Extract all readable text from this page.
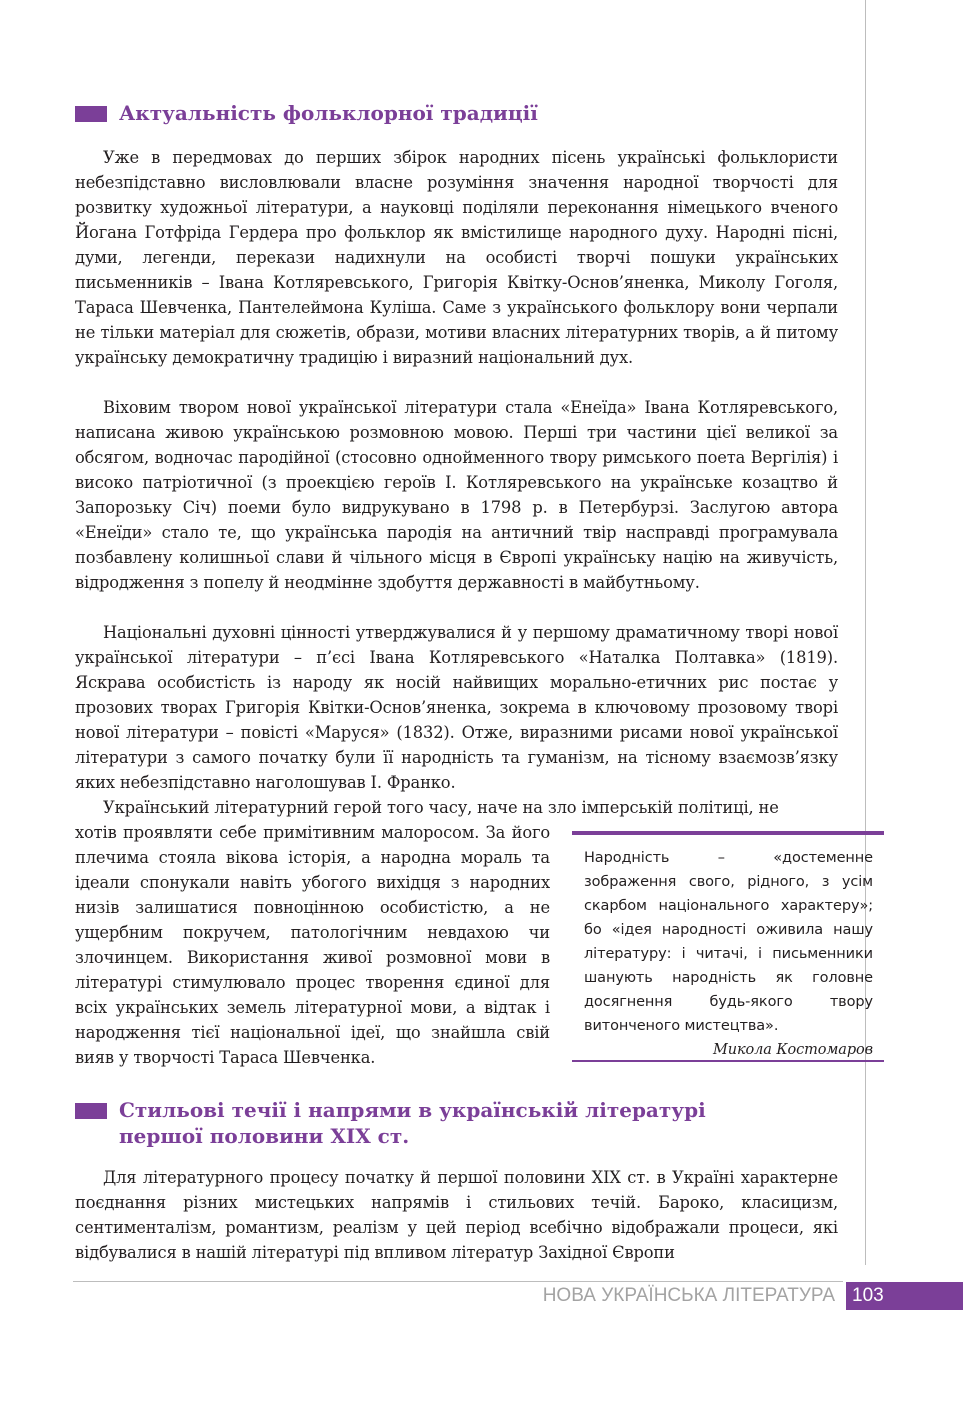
Актуальність фольклорної традиції

Уже в передмовах до перших збірок народних пісень українські фольклористи небезпідставно висловлювали власне розуміння значення народної творчості для розвитку художньої літератури, а науковці поділяли переконання німецького вченого Йогана Готфріда Гердера про фольклор як вмістилище народного духу. Народні пісні, думи, легенди, перекази надихнули на особисті творчі пошуки українських письменників – Івана Котляревського, Григорія Квітку-Основ’яненка, Миколу Гоголя, Тараса Шевченка, Пантелеймона Куліша. Саме з українського фольклору вони черпали не тільки матеріал для сюжетів, образи, мотиви власних літературних творів, а й питому українську демократичну традицію і виразний національний дух.

Віховим твором нової української літератури стала «Енеїда» Івана Котляревського, написана живою українською розмовною мовою. Перші три частини цієї великої за обсягом, водночас пародійної (стосовно однойменного твору римського поета Вергілія) і високо патріотичної (з проекцією героїв І. Котляревського на українське козацтво й Запорозьку Січ) поеми було видрукувано в 1798 р. в Петербурзі. Заслугою автора «Енеїди» стало те, що українська пародія на античний твір насправді програмувала позбавлену колишньої слави й чільного місця в Європі українську націю на живучість, відродження з попелу й неодмінне здобуття державності в майбутньому.

Національні духовні цінності утверджувалися й у першому драматичному творі нової української літератури – п’єсі Івана Котляревського «Наталка Полтавка» (1819). Яскрава особистість із народу як носій найвищих морально-етичних рис постає у прозових творах Григорія Квітки-Основ’яненка, зокрема в ключовому прозовому творі нової літератури – повісті «Маруся» (1832). Отже, виразними рисами нової української літератури з самого початку були її народність та гуманізм, на тісному взаємозв’язку яких небезпідставно наголошував І. Франко.

Український літературний герой того часу, наче на зло імперській політиці, не

хотів проявляти себе примітивним малоросом. За його плечима стояла вікова історія, а народна мораль та ідеали спонукали навіть убогого вихідця з народних низів залишатися повноцінною особистістю, а не ущербним покручем, патологічним невдахою чи злочинцем. Використання живої розмовної мови в літературі стимулювало процес творення єдиної для всіх українських земель літературної мови, а відтак і народження тієї національної ідеї, що знайшла свій вияв у творчості Тараса Шевченка.

Народність – «достеменне зображення свого, рідного, з усім скарбом національного характеру»; бо «ідея народності оживила нашу літературу: і читачі, і письменники шанують народність як головне досягнення будь-якого твору витонченого мистецтва».
Микола Костомаров
Стильові течії і напрями в українській літературі
першої половини ХІХ ст.

Для літературного процесу початку й першої половини ХІХ ст. в Україні характерне поєднання різних мистецьких напрямів і стильових течій. Бароко, класицизм, сентименталізм, романтизм, реалізм у цей період всебічно відображали процеси, які відбувалися в нашій літературі під впливом літератур Західної Європи

НОВА УКРАЇНСЬКА ЛІТЕРАТУРА 103
